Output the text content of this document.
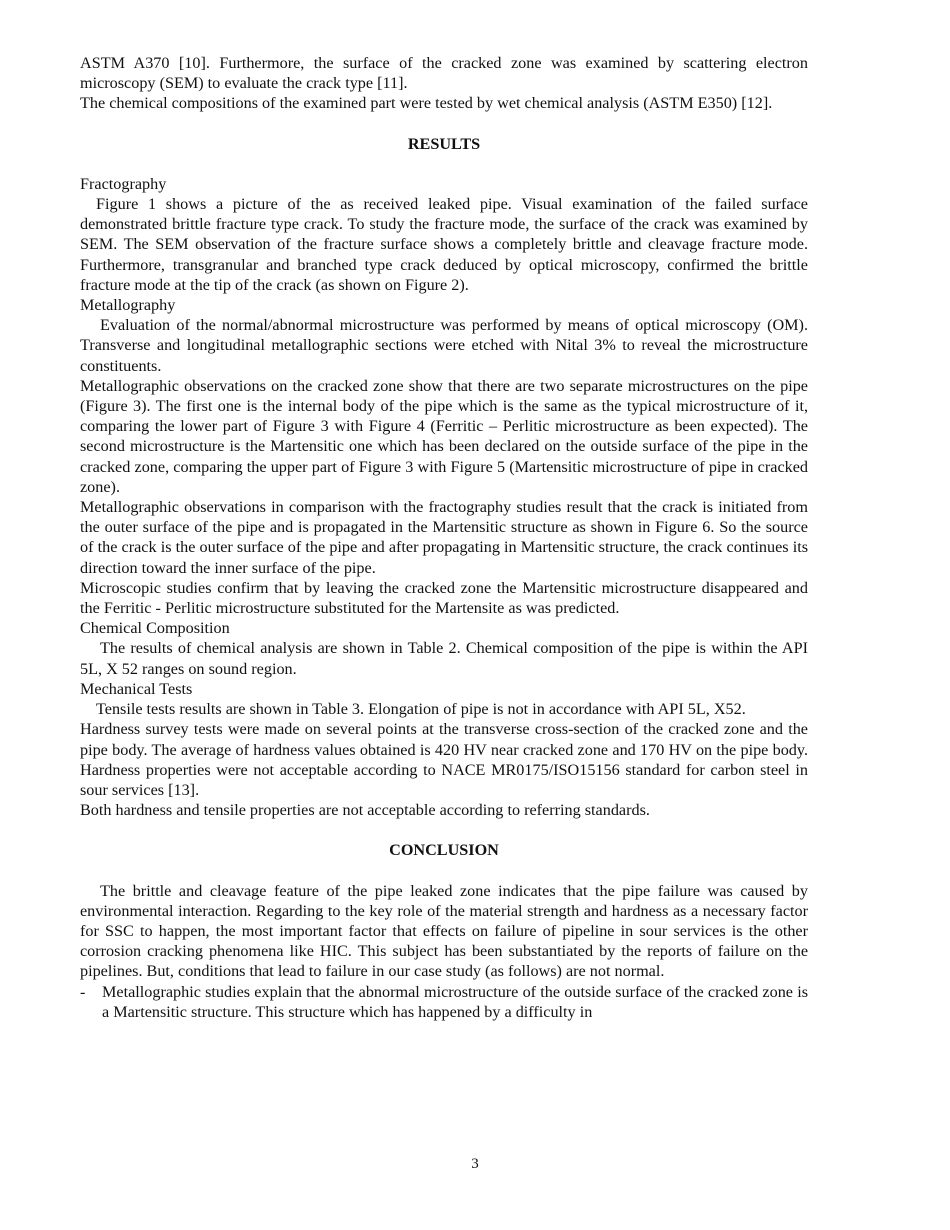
ASTM A370 [10]. Furthermore, the surface of the cracked zone was examined by scattering electron microscopy (SEM) to evaluate the crack type [11].

The chemical compositions of the examined part were tested by wet chemical analysis (ASTM E350) [12].

RESULTS

Fractography

Figure 1 shows a picture of the as received leaked pipe. Visual examination of the failed surface demonstrated brittle fracture type crack. To study the fracture mode, the surface of the crack was examined by SEM. The SEM observation of the fracture surface shows a completely brittle and cleavage fracture mode. Furthermore, transgranular and branched type crack deduced by optical microscopy, confirmed the brittle fracture mode at the tip of the crack (as shown on Figure 2).

Metallography

Evaluation of the normal/abnormal microstructure was performed by means of optical microscopy (OM). Transverse and longitudinal metallographic sections were etched with Nital 3% to reveal the microstructure constituents.

Metallographic observations on the cracked zone show that there are two separate microstructures on the pipe (Figure 3). The first one is the internal body of the pipe which is the same as the typical microstructure of it, comparing the lower part of Figure 3 with Figure 4 (Ferritic – Perlitic microstructure as been expected). The second microstructure is the Martensitic one which has been declared on the outside surface of the pipe in the cracked zone, comparing the upper part of Figure 3 with Figure 5 (Martensitic microstructure of pipe in cracked zone).

Metallographic observations in comparison with the fractography studies result that the crack is initiated from the outer surface of the pipe and is propagated in the Martensitic structure as shown in Figure 6. So the source of the crack is the outer surface of the pipe and after propagating in Martensitic structure, the crack continues its direction toward the inner surface of the pipe.

Microscopic studies confirm that by leaving the cracked zone the Martensitic microstructure disappeared and the Ferritic - Perlitic microstructure substituted for the Martensite as was predicted.

Chemical Composition

The results of chemical analysis are shown in Table 2. Chemical composition of the pipe is within the API 5L, X 52 ranges on sound region.

Mechanical Tests

Tensile tests results are shown in Table 3. Elongation of pipe is not in accordance with API 5L, X52.

Hardness survey tests were made on several points at the transverse cross-section of the cracked zone and the pipe body. The average of hardness values obtained is 420 HV near cracked zone and 170 HV on the pipe body. Hardness properties were not acceptable according to NACE MR0175/ISO15156 standard for carbon steel in sour services [13].

Both hardness and tensile properties are not acceptable according to referring standards.

CONCLUSION

The brittle and cleavage feature of the pipe leaked zone indicates that the pipe failure was caused by environmental interaction. Regarding to the key role of the material strength and hardness as a necessary factor for SSC to happen, the most important factor that effects on failure of pipeline in sour services is the other corrosion cracking phenomena like HIC. This subject has been substantiated by the reports of failure on the pipelines. But, conditions that lead to failure in our case study (as follows) are not normal.

-	Metallographic studies explain that the abnormal microstructure of the outside surface of the cracked zone is a Martensitic structure. This structure which has happened by a difficulty in
3
